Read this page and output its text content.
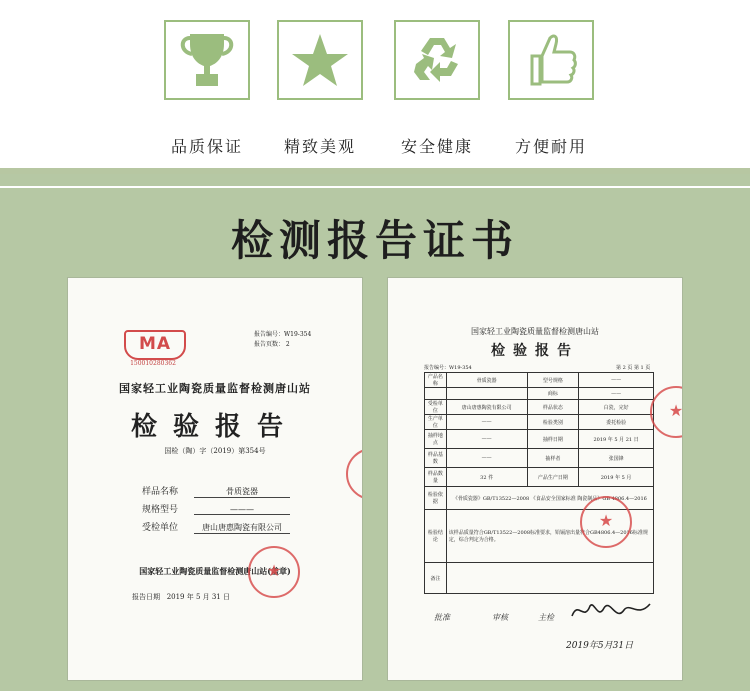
品质保证	精致美观	安全健康	方便耐用
检测报告证书
MA
150010280362
报告编号：W19-354
报告页数： 2
国家轻工业陶瓷质量监督检测唐山站
检验报告
国检（陶）字（2019）第354号
样品名称	骨质瓷器
规格型号	———
受检单位	唐山唐惠陶瓷有限公司
国家轻工业陶瓷质量监督检测唐山站(盖章)
报告日期 2019 年 5 月 31 日
★
★
国家轻工业陶瓷质量监督检测唐山站
检验报告
报告编号：W19-354	第 2 页 第 1 页
产品名称	骨质瓷器	型号规格	——
		商标	——
受检单位	唐山唐惠陶瓷有限公司	样品状态	白瓷，完好
生产单位	——	检验类别	委托检验
抽样地点	——	抽样日期	2019 年 5 月 21 日
样品基数	——	抽样者	张国锋
样品数量	32 件	产品生产日期	2019 年 5 月
检验依据	《骨质瓷器》GB/T13522—2008 《食品安全国家标准 陶瓷制品》GB 4806.4—2016		
检验结论	该样品质量符合GB/T13522—2008标准要求，铅镉溶出量符合GB4806.4—2016标准规定，综合判定为合格。		
备注			
★
★
批准	审核	主检
2019年5月31日
